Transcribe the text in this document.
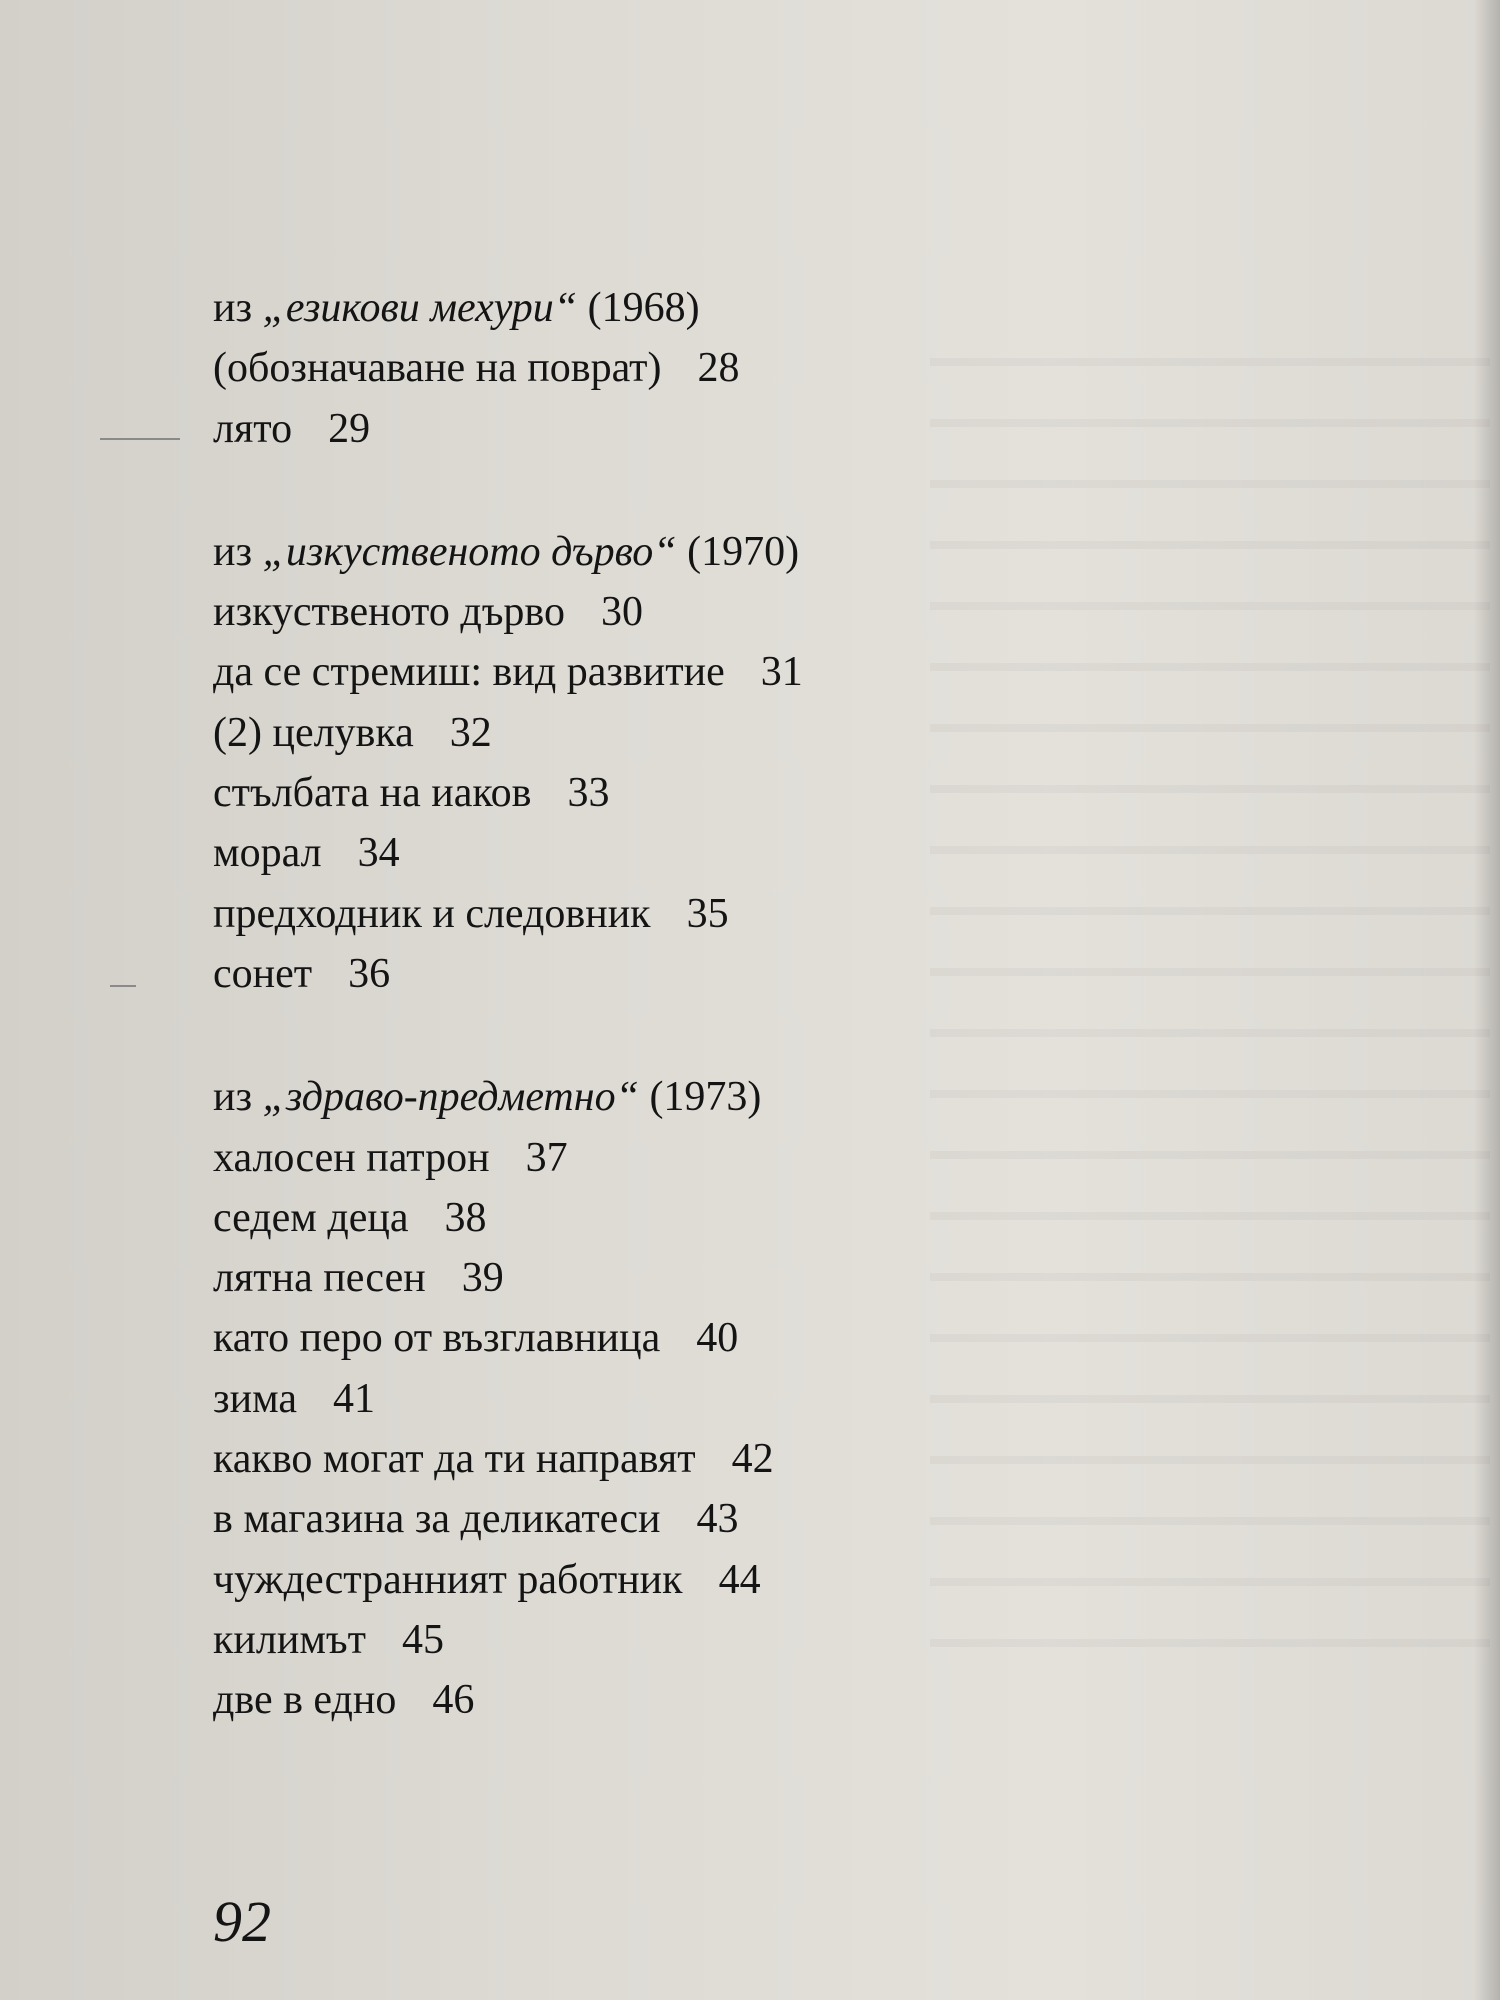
из „езикови мехури“ (1968)
(обозначаване на поврат) 28
лято 29
из „изкуственото дърво“ (1970)
изкуственото дърво 30
да се стремиш: вид развитие 31
(2) целувка 32
стълбата на иаков 33
морал 34
предходник и следовник 35
сонет 36
из „здраво-предметно“ (1973)
халосен патрон 37
седем деца 38
лятна песен 39
като перо от възглавница 40
зима 41
какво могат да ти направят 42
в магазина за деликатеси 43
чуждестранният работник 44
килимът 45
две в едно 46
92
